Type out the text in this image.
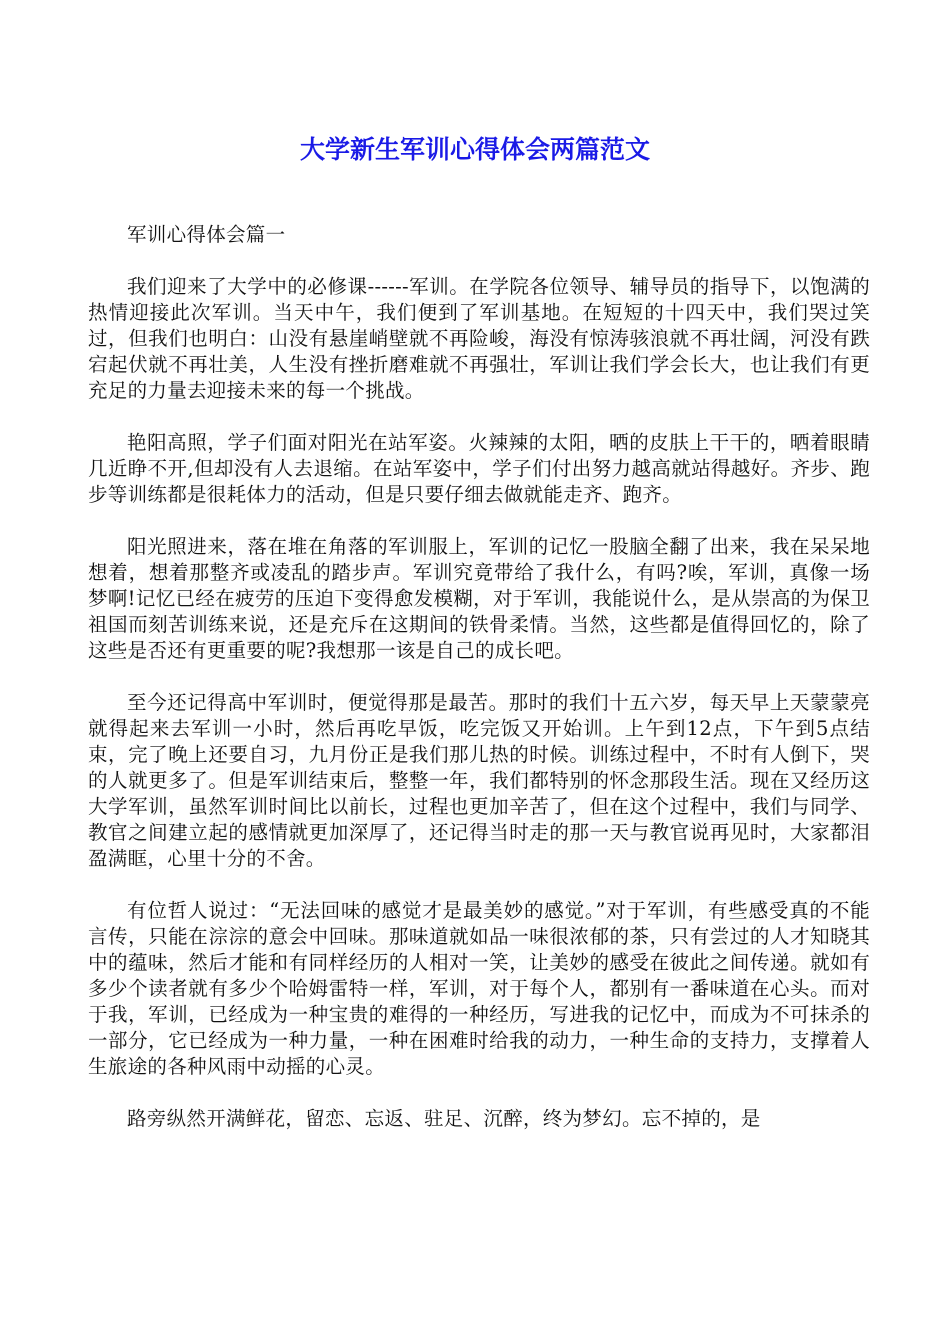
大学新生军训心得体会两篇范文

军训心得体会篇一

我们迎来了大学中的必修课------军训。在学院各位领导、辅导员的指导下，以饱满的热情迎接此次军训。当天中午，我们便到了军训基地。在短短的十四天中，我们哭过笑过，但我们也明白：山没有悬崖峭壁就不再险峻，海没有惊涛骇浪就不再壮阔，河没有跌宕起伏就不再壮美，人生没有挫折磨难就不再强壮，军训让我们学会长大，也让我们有更充足的力量去迎接未来的每一个挑战。

艳阳高照，学子们面对阳光在站军姿。火辣辣的太阳，晒的皮肤上干干的，晒着眼睛几近睁不开,但却没有人去退缩。在站军姿中，学子们付出努力越高就站得越好。齐步、跑步等训练都是很耗体力的活动，但是只要仔细去做就能走齐、跑齐。

阳光照进来，落在堆在角落的军训服上，军训的记忆一股脑全翻了出来，我在呆呆地想着，想着那整齐或凌乱的踏步声。军训究竟带给了我什么，有吗?唉，军训，真像一场梦啊!记忆已经在疲劳的压迫下变得愈发模糊，对于军训，我能说什么，是从崇高的为保卫祖国而刻苦训练来说，还是充斥在这期间的铁骨柔情。当然，这些都是值得回忆的，除了这些是否还有更重要的呢?我想那一该是自己的成长吧。

至今还记得高中军训时，便觉得那是最苦。那时的我们十五六岁，每天早上天蒙蒙亮就得起来去军训一小时，然后再吃早饭，吃完饭又开始训。上午到12点，下午到5点结束，完了晚上还要自习，九月份正是我们那儿热的时候。训练过程中，不时有人倒下，哭的人就更多了。但是军训结束后，整整一年，我们都特别的怀念那段生活。现在又经历这大学军训，虽然军训时间比以前长，过程也更加辛苦了，但在这个过程中，我们与同学、教官之间建立起的感情就更加深厚了，还记得当时走的那一天与教官说再见时，大家都泪盈满眶，心里十分的不舍。

有位哲人说过：“无法回味的感觉才是最美妙的感觉。”对于军训，有些感受真的不能言传，只能在淙淙的意会中回味。那味道就如品一味很浓郁的茶，只有尝过的人才知晓其中的蕴味，然后才能和有同样经历的人相对一笑，让美妙的感受在彼此之间传递。就如有多少个读者就有多少个哈姆雷特一样，军训，对于每个人，都别有一番味道在心头。而对于我，军训，已经成为一种宝贵的难得的一种经历，写进我的记忆中，而成为不可抹杀的一部分，它已经成为一种力量，一种在困难时给我的动力，一种生命的支持力，支撑着人生旅途的各种风雨中动摇的心灵。

路旁纵然开满鲜花，留恋、忘返、驻足、沉醉，终为梦幻。忘不掉的，是
